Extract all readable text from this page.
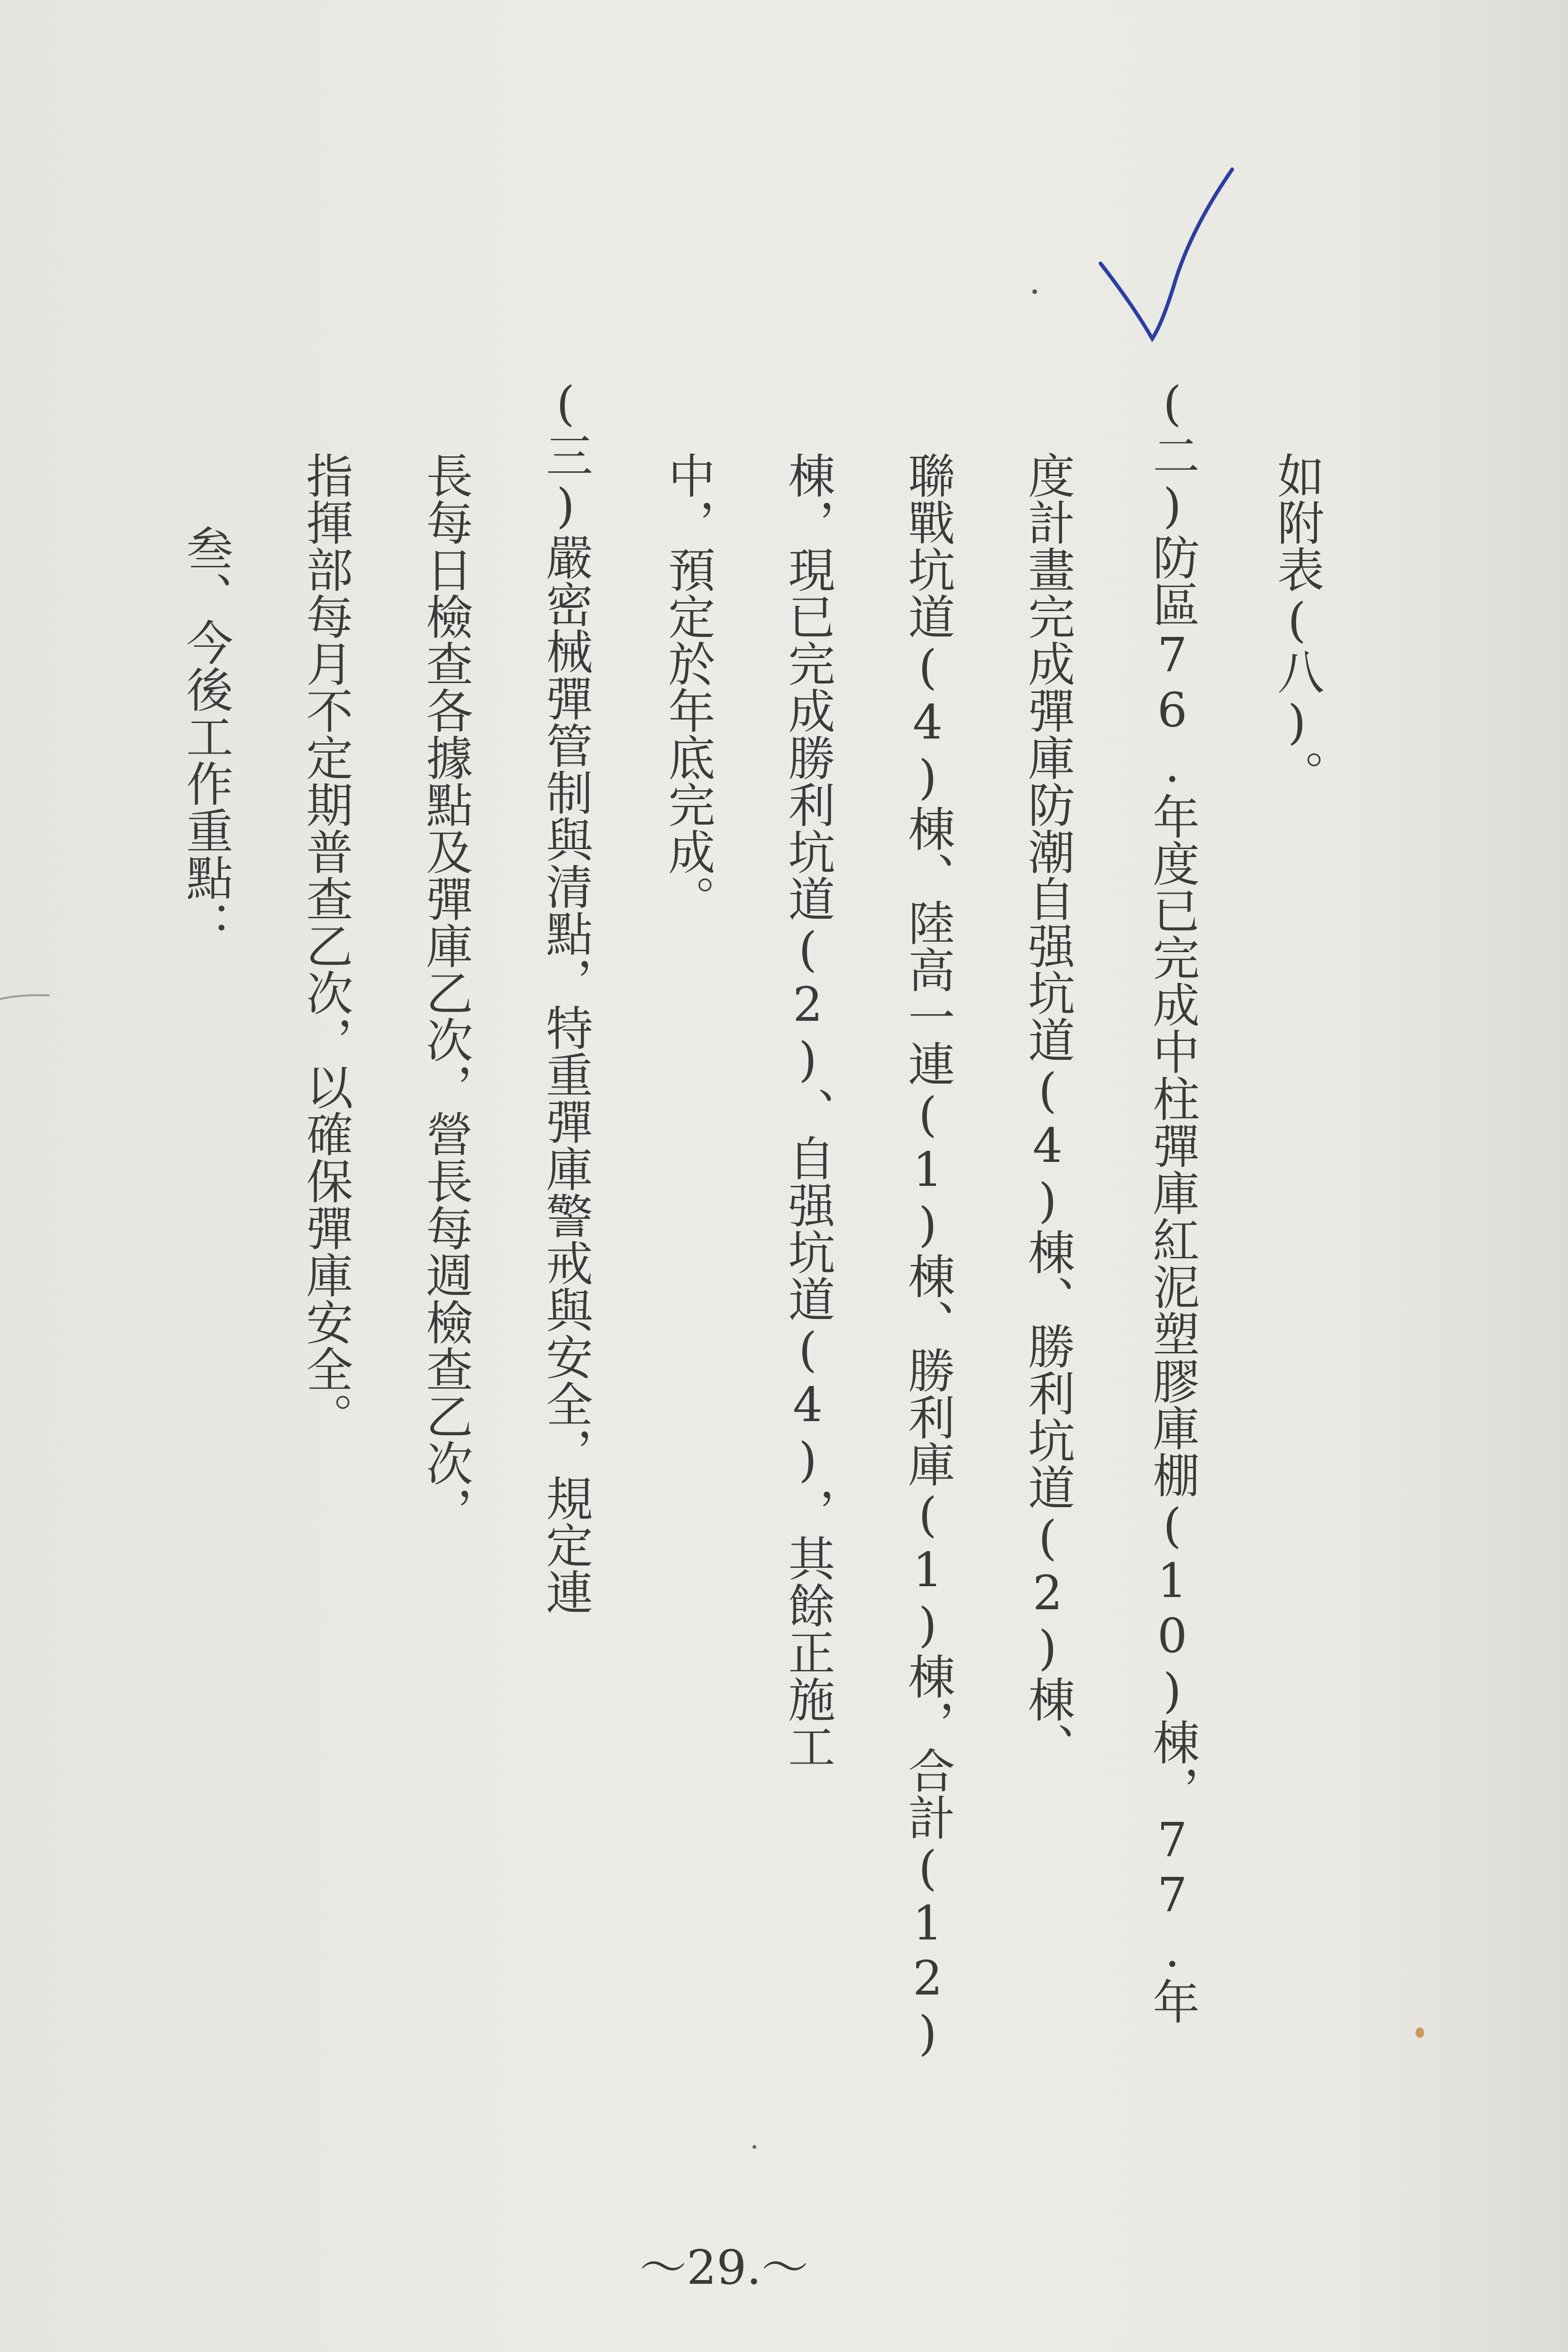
如附表(八)。
(二)防區76.年度已完成中柱彈庫紅泥塑膠庫棚(10)棟，77.年
度計畫完成彈庫防潮自强坑道(4)棟、勝利坑道(2)棟、
聯戰坑道(4)棟、陸高一連(1)棟、勝利庫(1)棟，合計(12)
棟，現已完成勝利坑道(2)、自强坑道(4)，其餘正施工
中，預定於年底完成。
(三)嚴密械彈管制與清點，特重彈庫警戒與安全，規定連
長每日檢查各據點及彈庫乙次，營長每週檢查乙次，
指揮部每月不定期普查乙次，以確保彈庫安全。
叁、今後工作重點：
～29.～
